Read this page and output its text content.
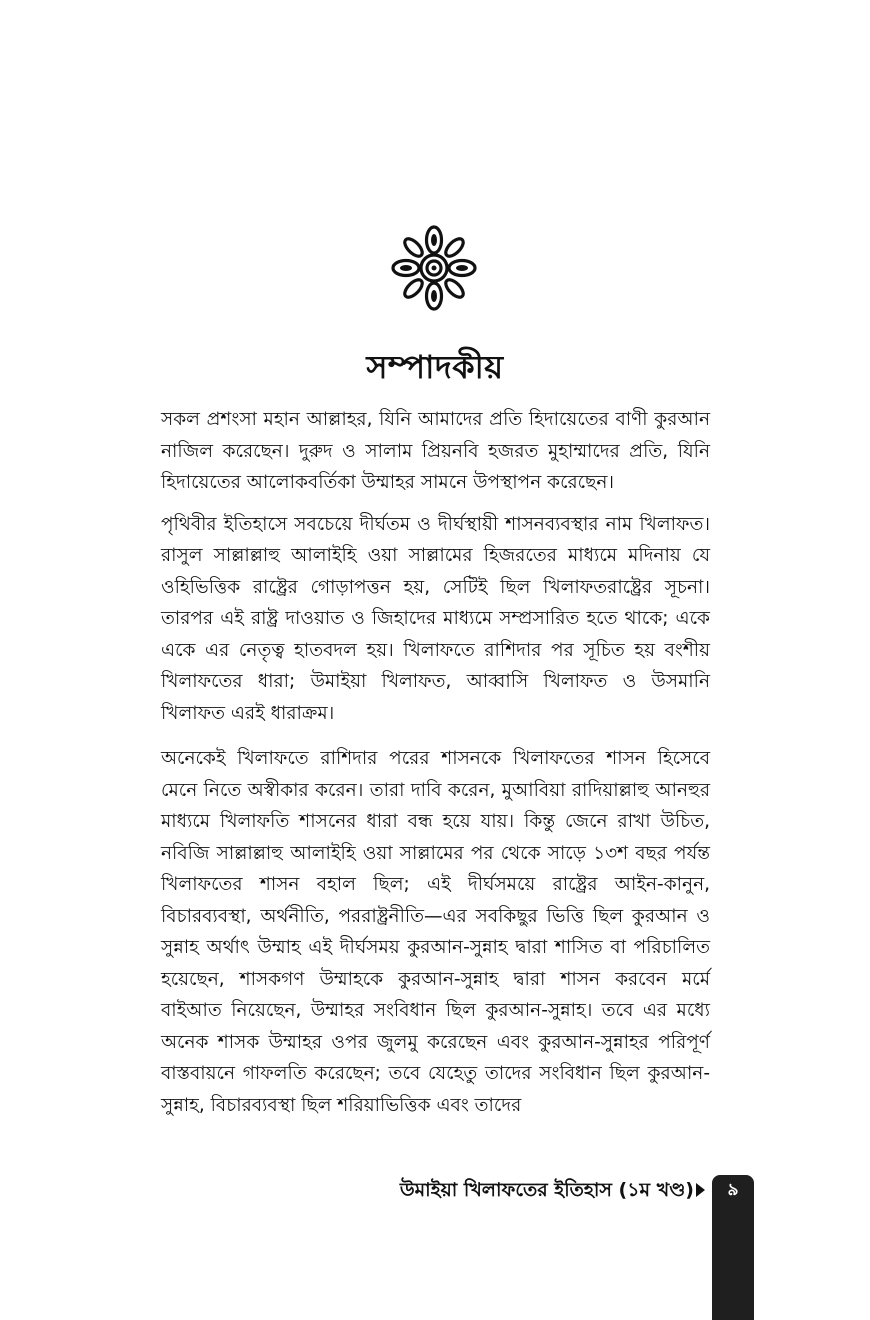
সম্পাদকীয়

সকল প্রশংসা মহান আল্লাহর, যিনি আমাদের প্রতি হিদায়েতের বাণী কুরআন নাজিল করেছেন। দুরুদ ও সালাম প্রিয়নবি হজরত মুহাম্মাদের প্রতি, যিনি হিদায়েতের আলোকবর্তিকা উম্মাহর সামনে উপস্থাপন করেছেন।

পৃথিবীর ইতিহাসে সবচেয়ে দীর্ঘতম ও দীর্ঘস্থায়ী শাসনব্যবস্থার নাম খিলাফত। রাসুল সাল্লাল্লাহু আলাইহি ওয়া সাল্লামের হিজরতের মাধ্যমে মদিনায় যে ওহিভিত্তিক রাষ্ট্রের গোড়াপত্তন হয়, সেটিই ছিল খিলাফতরাষ্ট্রের সূচনা। তারপর এই রাষ্ট্র দাওয়াত ও জিহাদের মাধ্যমে সম্প্রসারিত হতে থাকে; একে একে এর নেতৃত্ব হাতবদল হয়। খিলাফতে রাশিদার পর সূচিত হয় বংশীয় খিলাফতের ধারা; উমাইয়া খিলাফত, আব্বাসি খিলাফত ও উসমানি খিলাফত এরই ধারাক্রম।

অনেকেই খিলাফতে রাশিদার পরের শাসনকে খিলাফতের শাসন হিসেবে মেনে নিতে অস্বীকার করেন। তারা দাবি করেন, মুআবিয়া রাদিয়াল্লাহু আনহুর মাধ্যমে খিলাফতি শাসনের ধারা বন্ধ হয়ে যায়। কিন্তু জেনে রাখা উচিত, নবিজি সাল্লাল্লাহু আলাইহি ওয়া সাল্লামের পর থেকে সাড়ে ১৩শ বছর পর্যন্ত খিলাফতের শাসন বহাল ছিল; এই দীর্ঘসময়ে রাষ্ট্রের আইন-কানুন, বিচারব্যবস্থা, অর্থনীতি, পররাষ্ট্রনীতি—এর সবকিছুর ভিত্তি ছিল কুরআন ও সুন্নাহ অর্থাৎ উম্মাহ এই দীর্ঘসময় কুরআন-সুন্নাহ দ্বারা শাসিত বা পরিচালিত হয়েছেন, শাসকগণ উম্মাহকে কুরআন-সুন্নাহ দ্বারা শাসন করবেন মর্মে বাইআত নিয়েছেন, উম্মাহর সংবিধান ছিল কুরআন-সুন্নাহ। তবে এর মধ্যে অনেক শাসক উম্মাহর ওপর জুলমু করেছেন এবং কুরআন-সুন্নাহর পরিপূর্ণ বাস্তবায়নে গাফলতি করেছেন; তবে যেহেতু তাদের সংবিধান ছিল কুরআন-সুন্নাহ, বিচারব্যবস্থা ছিল শরিয়াভিত্তিক এবং তাদের

উমাইয়া খিলাফতের ইতিহাস (১ম খণ্ড)	৯
